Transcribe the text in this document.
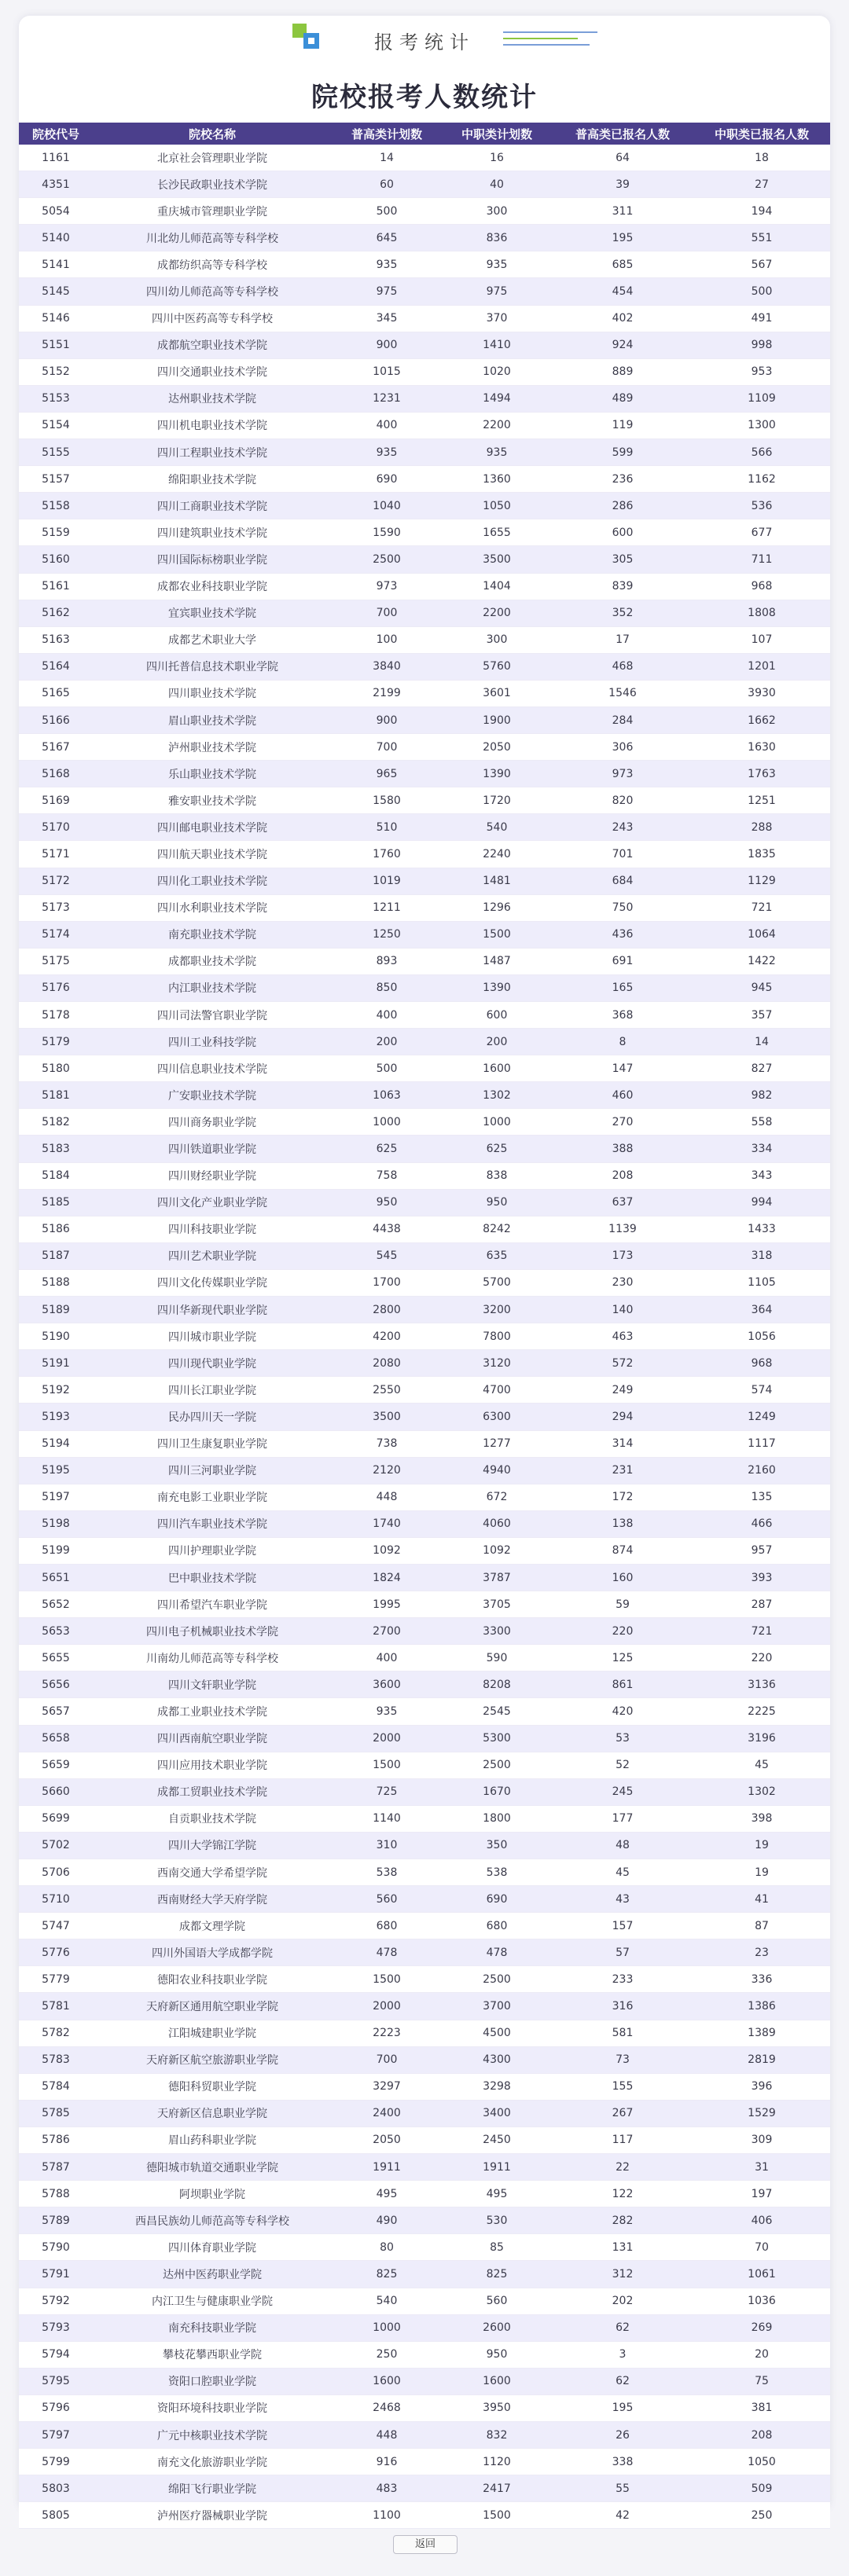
报考统计
院校报考人数统计
院校代号	院校名称	普高类计划数	中职类计划数	普高类已报名人数	中职类已报名人数
1161	北京社会管理职业学院	14	16	64	18
4351	长沙民政职业技术学院	60	40	39	27
5054	重庆城市管理职业学院	500	300	311	194
5140	川北幼儿师范高等专科学校	645	836	195	551
5141	成都纺织高等专科学校	935	935	685	567
5145	四川幼儿师范高等专科学校	975	975	454	500
5146	四川中医药高等专科学校	345	370	402	491
5151	成都航空职业技术学院	900	1410	924	998
5152	四川交通职业技术学院	1015	1020	889	953
5153	达州职业技术学院	1231	1494	489	1109
5154	四川机电职业技术学院	400	2200	119	1300
5155	四川工程职业技术学院	935	935	599	566
5157	绵阳职业技术学院	690	1360	236	1162
5158	四川工商职业技术学院	1040	1050	286	536
5159	四川建筑职业技术学院	1590	1655	600	677
5160	四川国际标榜职业学院	2500	3500	305	711
5161	成都农业科技职业学院	973	1404	839	968
5162	宜宾职业技术学院	700	2200	352	1808
5163	成都艺术职业大学	100	300	17	107
5164	四川托普信息技术职业学院	3840	5760	468	1201
5165	四川职业技术学院	2199	3601	1546	3930
5166	眉山职业技术学院	900	1900	284	1662
5167	泸州职业技术学院	700	2050	306	1630
5168	乐山职业技术学院	965	1390	973	1763
5169	雅安职业技术学院	1580	1720	820	1251
5170	四川邮电职业技术学院	510	540	243	288
5171	四川航天职业技术学院	1760	2240	701	1835
5172	四川化工职业技术学院	1019	1481	684	1129
5173	四川水利职业技术学院	1211	1296	750	721
5174	南充职业技术学院	1250	1500	436	1064
5175	成都职业技术学院	893	1487	691	1422
5176	内江职业技术学院	850	1390	165	945
5178	四川司法警官职业学院	400	600	368	357
5179	四川工业科技学院	200	200	8	14
5180	四川信息职业技术学院	500	1600	147	827
5181	广安职业技术学院	1063	1302	460	982
5182	四川商务职业学院	1000	1000	270	558
5183	四川铁道职业学院	625	625	388	334
5184	四川财经职业学院	758	838	208	343
5185	四川文化产业职业学院	950	950	637	994
5186	四川科技职业学院	4438	8242	1139	1433
5187	四川艺术职业学院	545	635	173	318
5188	四川文化传媒职业学院	1700	5700	230	1105
5189	四川华新现代职业学院	2800	3200	140	364
5190	四川城市职业学院	4200	7800	463	1056
5191	四川现代职业学院	2080	3120	572	968
5192	四川长江职业学院	2550	4700	249	574
5193	民办四川天一学院	3500	6300	294	1249
5194	四川卫生康复职业学院	738	1277	314	1117
5195	四川三河职业学院	2120	4940	231	2160
5197	南充电影工业职业学院	448	672	172	135
5198	四川汽车职业技术学院	1740	4060	138	466
5199	四川护理职业学院	1092	1092	874	957
5651	巴中职业技术学院	1824	3787	160	393
5652	四川希望汽车职业学院	1995	3705	59	287
5653	四川电子机械职业技术学院	2700	3300	220	721
5655	川南幼儿师范高等专科学校	400	590	125	220
5656	四川文轩职业学院	3600	8208	861	3136
5657	成都工业职业技术学院	935	2545	420	2225
5658	四川西南航空职业学院	2000	5300	53	3196
5659	四川应用技术职业学院	1500	2500	52	45
5660	成都工贸职业技术学院	725	1670	245	1302
5699	自贡职业技术学院	1140	1800	177	398
5702	四川大学锦江学院	310	350	48	19
5706	西南交通大学希望学院	538	538	45	19
5710	西南财经大学天府学院	560	690	43	41
5747	成都文理学院	680	680	157	87
5776	四川外国语大学成都学院	478	478	57	23
5779	德阳农业科技职业学院	1500	2500	233	336
5781	天府新区通用航空职业学院	2000	3700	316	1386
5782	江阳城建职业学院	2223	4500	581	1389
5783	天府新区航空旅游职业学院	700	4300	73	2819
5784	德阳科贸职业学院	3297	3298	155	396
5785	天府新区信息职业学院	2400	3400	267	1529
5786	眉山药科职业学院	2050	2450	117	309
5787	德阳城市轨道交通职业学院	1911	1911	22	31
5788	阿坝职业学院	495	495	122	197
5789	西昌民族幼儿师范高等专科学校	490	530	282	406
5790	四川体育职业学院	80	85	131	70
5791	达州中医药职业学院	825	825	312	1061
5792	内江卫生与健康职业学院	540	560	202	1036
5793	南充科技职业学院	1000	2600	62	269
5794	攀枝花攀西职业学院	250	950	3	20
5795	资阳口腔职业学院	1600	1600	62	75
5796	资阳环境科技职业学院	2468	3950	195	381
5797	广元中核职业技术学院	448	832	26	208
5799	南充文化旅游职业学院	916	1120	338	1050
5803	绵阳飞行职业学院	483	2417	55	509
5805	泸州医疗器械职业学院	1100	1500	42	250
返回
